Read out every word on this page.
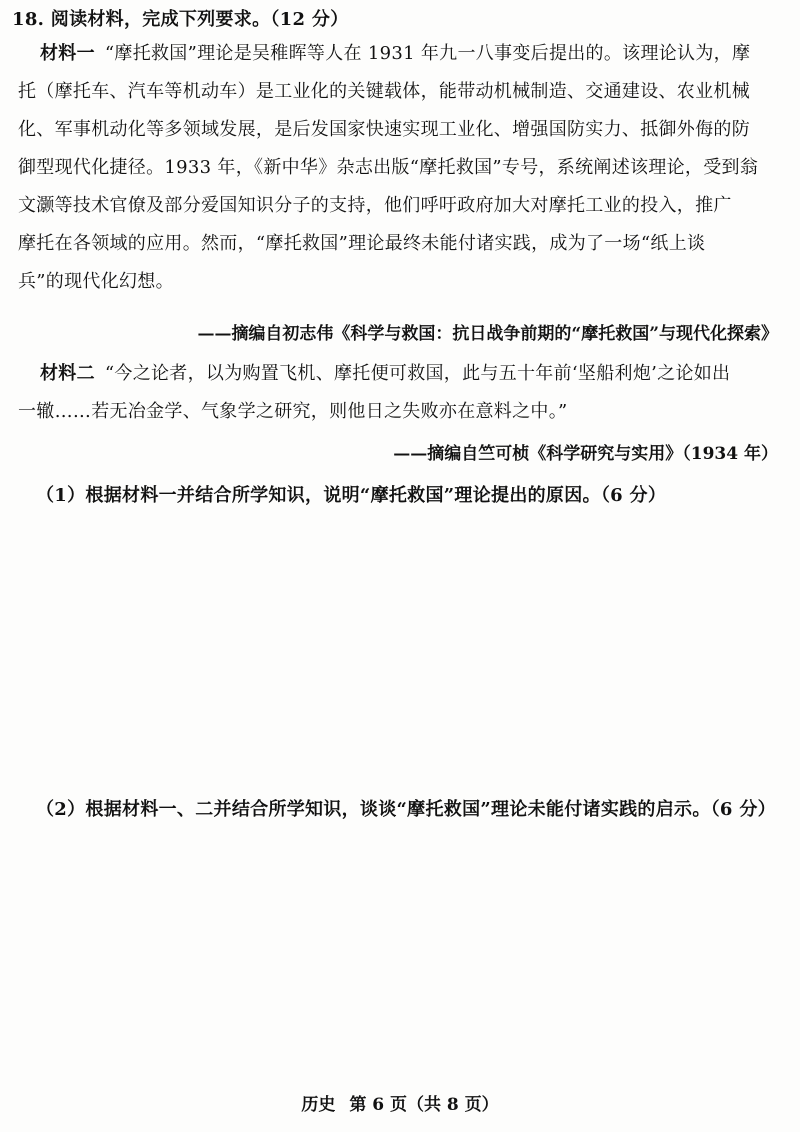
18. 阅读材料，完成下列要求。（12 分）
材料一 “摩托救国”理论是吴稚晖等人在 1931 年九一八事变后提出的。该理论认为，摩
托（摩托车、汽车等机动车）是工业化的关键载体，能带动机械制造、交通建设、农业机械
化、军事机动化等多领域发展，是后发国家快速实现工业化、增强国防实力、抵御外侮的防
御型现代化捷径。1933 年，《新中华》杂志出版“摩托救国”专号，系统阐述该理论，受到翁
文灏等技术官僚及部分爱国知识分子的支持，他们呼吁政府加大对摩托工业的投入，推广
摩托在各领域的应用。然而，“摩托救国”理论最终未能付诸实践，成为了一场“纸上谈
兵”的现代化幻想。
——摘编自初志伟《科学与救国：抗日战争前期的“摩托救国”与现代化探索》
材料二 “今之论者，以为购置飞机、摩托便可救国，此与五十年前‘坚船利炮’之论如出
一辙……若无冶金学、气象学之研究，则他日之失败亦在意料之中。”
——摘编自竺可桢《科学研究与实用》（1934 年）
（1）根据材料一并结合所学知识，说明“摩托救国”理论提出的原因。（6 分）
（2）根据材料一、二并结合所学知识，谈谈“摩托救国”理论未能付诸实践的启示。（6 分）
历史 第 6 页（共 8 页）
